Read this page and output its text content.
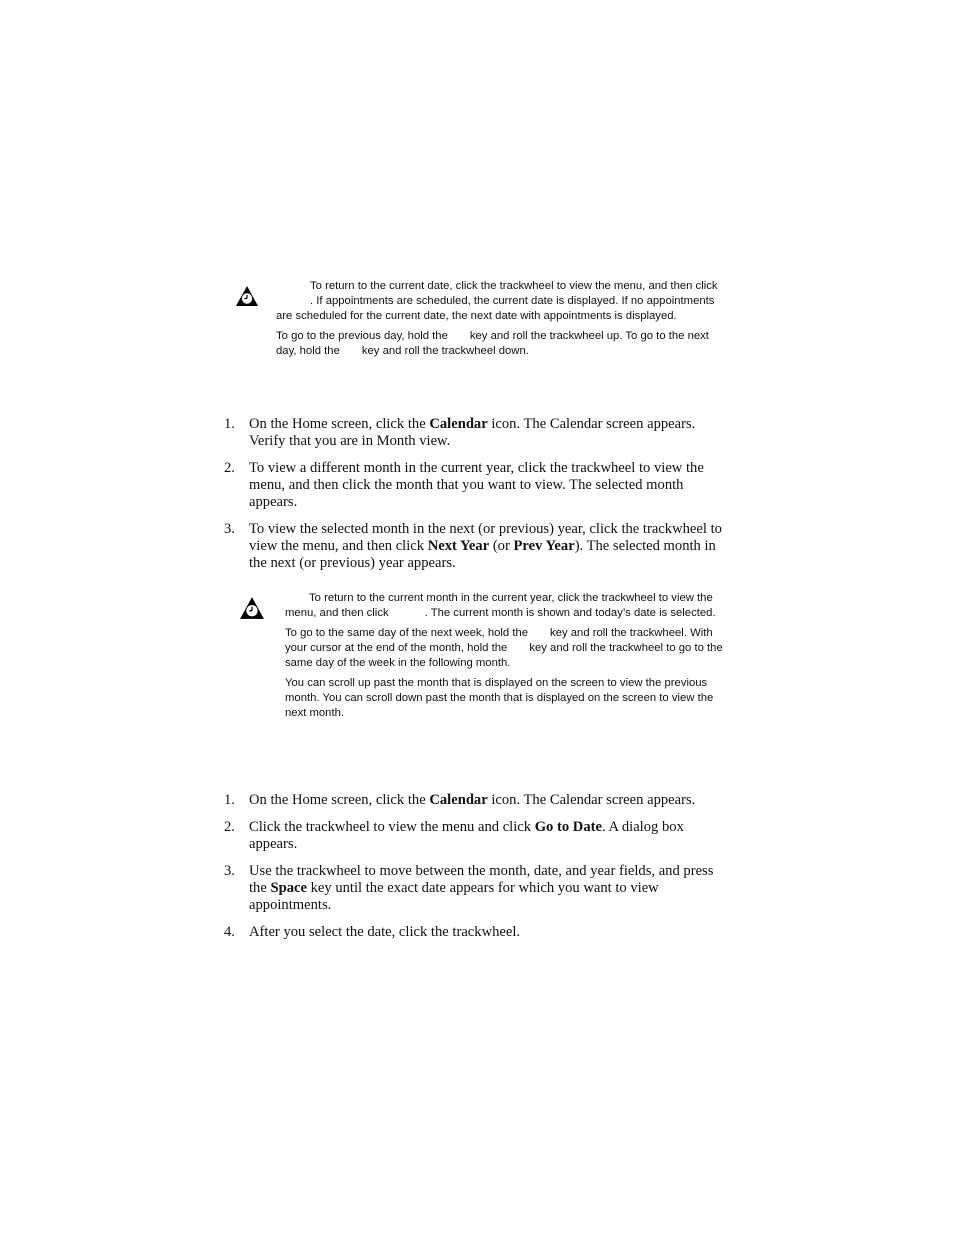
To return to the current date, click the trackwheel to view the menu, and then click
. If appointments are scheduled, the current date is displayed. If no appointments are scheduled for the current date, the next date with appointments is displayed.

To go to the previous day, hold the key and roll the trackwheel up. To go to the next day, hold the key and roll the trackwheel down.

1. On the Home screen, click the Calendar icon. The Calendar screen appears. Verify that you are in Month view.
2. To view a different month in the current year, click the trackwheel to view the menu, and then click the month that you want to view. The selected month appears.
3. To view the selected month in the next (or previous) year, click the trackwheel to view the menu, and then click Next Year (or Prev Year). The selected month in the next (or previous) year appears.

To return to the current month in the current year, click the trackwheel to view the menu, and then click	. The current month is shown and today’s date is selected.

To go to the same day of the next week, hold the key and roll the trackwheel. With your cursor at the end of the month, hold the key and roll the trackwheel to go to the same day of the week in the following month.

You can scroll up past the month that is displayed on the screen to view the previous month. You can scroll down past the month that is displayed on the screen to view the next month.

1. On the Home screen, click the Calendar icon. The Calendar screen appears.
2. Click the trackwheel to view the menu and click Go to Date. A dialog box appears.
3. Use the trackwheel to move between the month, date, and year fields, and press the Space key until the exact date appears for which you want to view appointments.
4. After you select the date, click the trackwheel.
